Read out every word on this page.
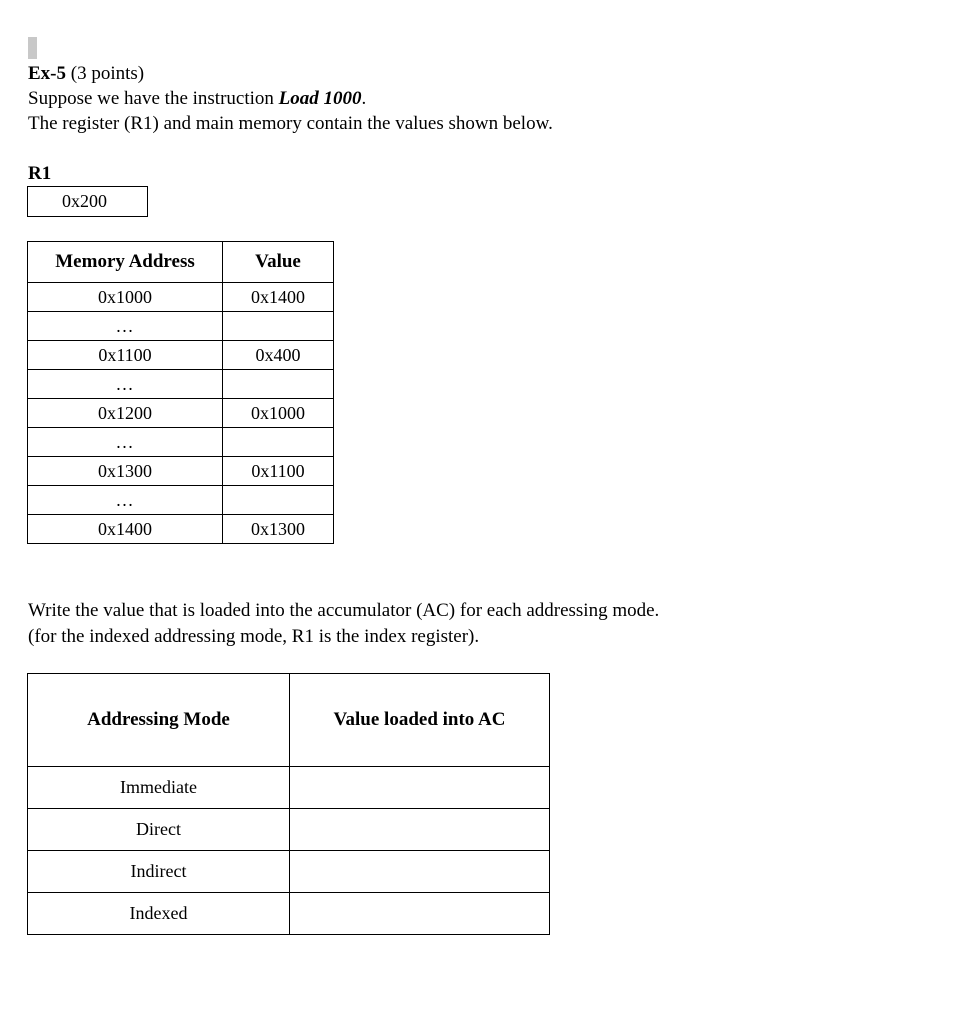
Ex-5 (3 points)
Suppose we have the instruction Load 1000.
The register (R1) and main memory contain the values shown below.
R1
0x200
Memory Address	Value
0x1000	0x1400
…	
0x1100	0x400
…	
0x1200	0x1000
…	
0x1300	0x1100
…	
0x1400	0x1300
Write the value that is loaded into the accumulator (AC) for each addressing mode.
(for the indexed addressing mode, R1 is the index register).
Addressing Mode	Value loaded into AC
Immediate	
Direct	
Indirect	
Indexed	
